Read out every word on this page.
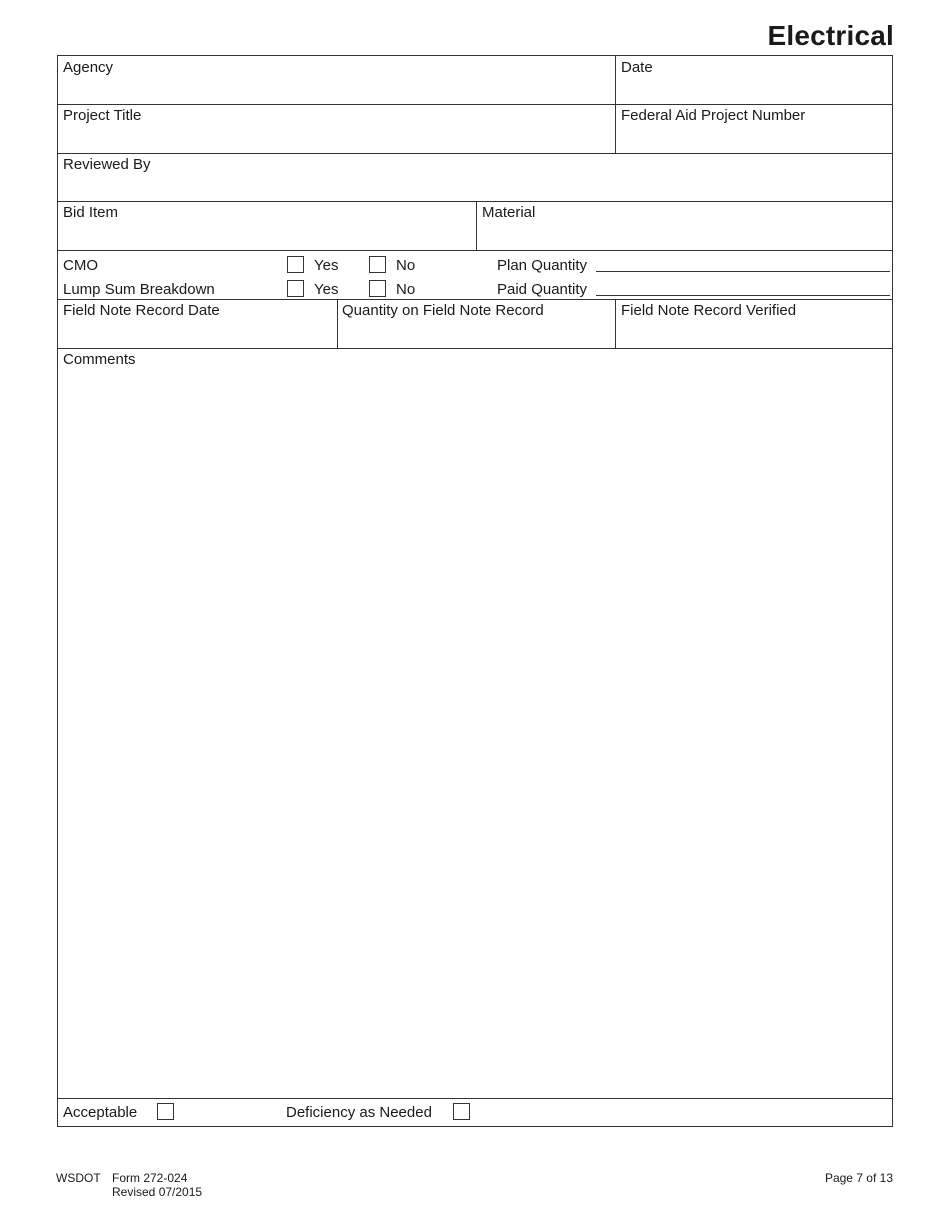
Electrical
Agency	Date
Project Title	Federal Aid Project Number
Reviewed By
Bid Item	Material
CMO	Yes	No	Plan Quantity
Lump Sum Breakdown	Yes	No	Paid Quantity
Field Note Record Date	Quantity on Field Note Record	Field Note Record Verified
Comments
Acceptable	Deficiency as Needed
WSDOT Form 272-024
Revised 07/2015
Page 7 of 13
